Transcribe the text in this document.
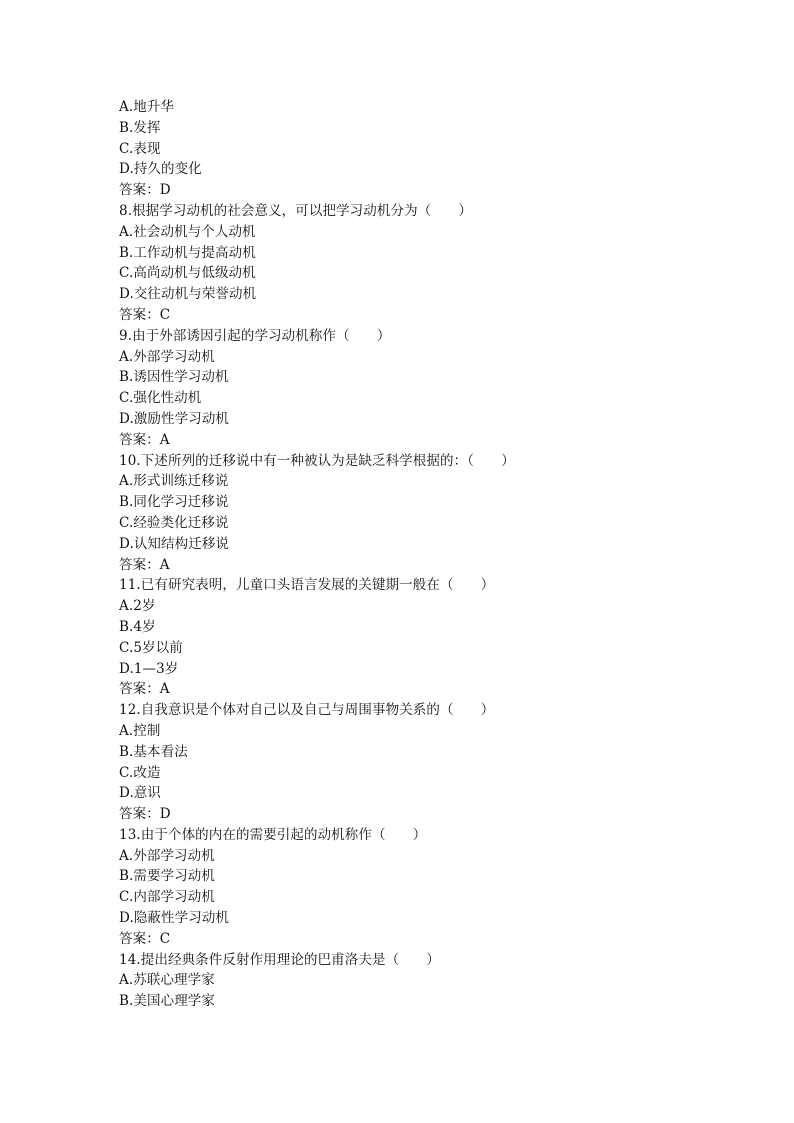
A.地升华
B.发挥
C.表现
D.持久的变化
答案：D
8.根据学习动机的社会意义，可以把学习动机分为（　　）
A.社会动机与个人动机
B.工作动机与提高动机
C.高尚动机与低级动机
D.交往动机与荣誉动机
答案：C
9.由于外部诱因引起的学习动机称作（　　）
A.外部学习动机
B.诱因性学习动机
C.强化性动机
D.激励性学习动机
答案：A
10.下述所列的迁移说中有一种被认为是缺乏科学根据的：（　　）
A.形式训练迁移说
B.同化学习迁移说
C.经验类化迁移说
D.认知结构迁移说
答案：A
11.已有研究表明，儿童口头语言发展的关键期一般在（　　）
A.2岁
B.4岁
C.5岁以前
D.1—3岁
答案：A
12.自我意识是个体对自己以及自己与周围事物关系的（　　）
A.控制
B.基本看法
C.改造
D.意识
答案：D
13.由于个体的内在的需要引起的动机称作（　　）
A.外部学习动机
B.需要学习动机
C.内部学习动机
D.隐蔽性学习动机
答案：C
14.提出经典条件反射作用理论的巴甫洛夫是（　　）
A.苏联心理学家
B.美国心理学家
